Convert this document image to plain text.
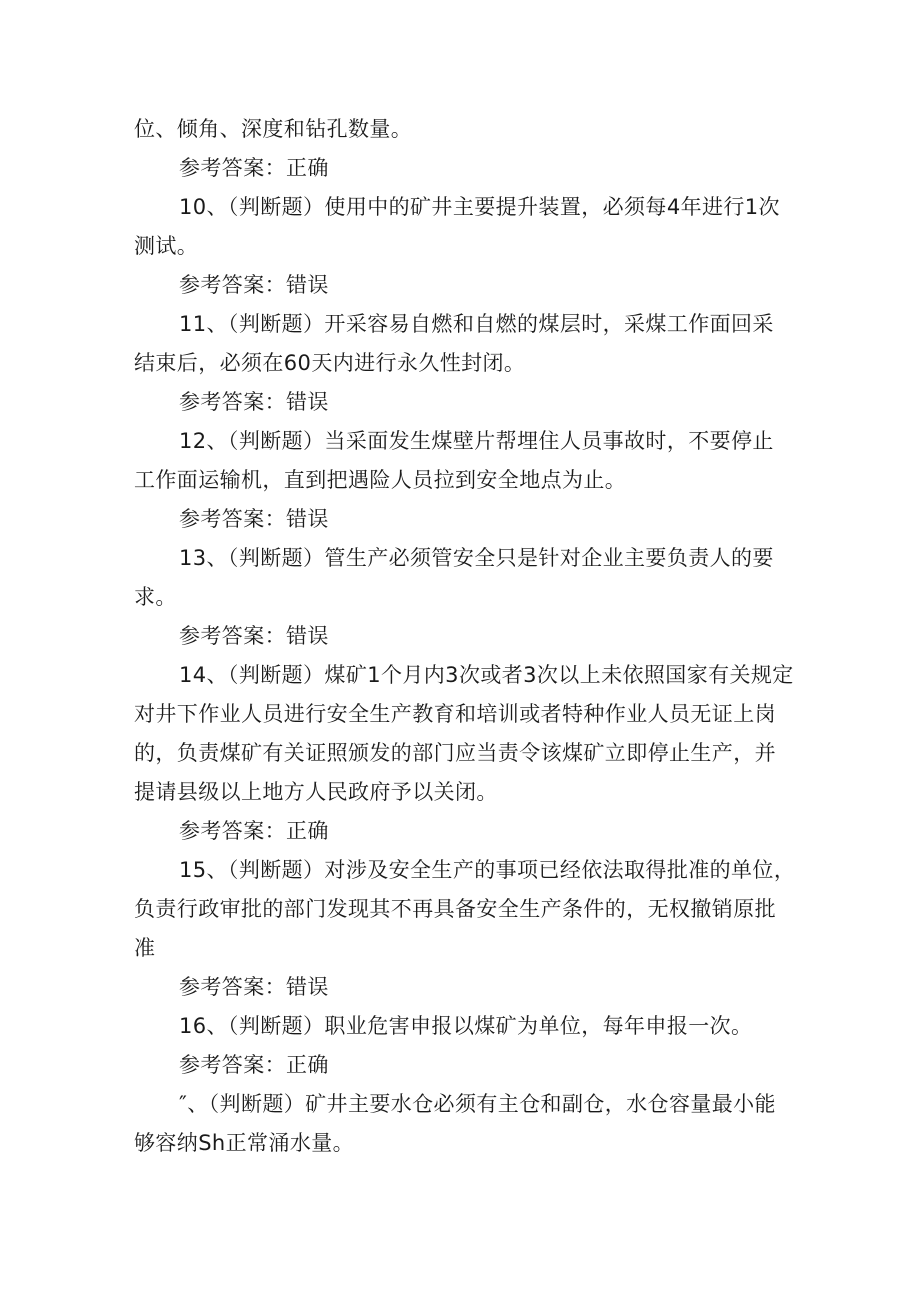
位、倾角、深度和钻孔数量。
参考答案：正确
10、（判断题）使用中的矿井主要提升装置，必须每4年进行1次
测试。
参考答案：错误
11、（判断题）开采容易自燃和自燃的煤层时，采煤工作面回采
结束后，必须在60天内进行永久性封闭。
参考答案：错误
12、（判断题）当采面发生煤壁片帮埋住人员事故时，不要停止
工作面运输机，直到把遇险人员拉到安全地点为止。
参考答案：错误
13、（判断题）管生产必须管安全只是针对企业主要负责人的要
求。
参考答案：错误
14、（判断题）煤矿1个月内3次或者3次以上未依照国家有关规定
对井下作业人员进行安全生产教育和培训或者特种作业人员无证上岗
的，负责煤矿有关证照颁发的部门应当责令该煤矿立即停止生产，并
提请县级以上地方人民政府予以关闭。
参考答案：正确
15、（判断题）对涉及安全生产的事项已经依法取得批准的单位，
负责行政审批的部门发现其不再具备安全生产条件的，无权撤销原批
准
参考答案：错误
16、（判断题）职业危害申报以煤矿为单位，每年申报一次。
参考答案：正确
″、（判断题）矿井主要水仓必须有主仓和副仓，水仓容量最小能
够容纳Sh正常涌水量。
